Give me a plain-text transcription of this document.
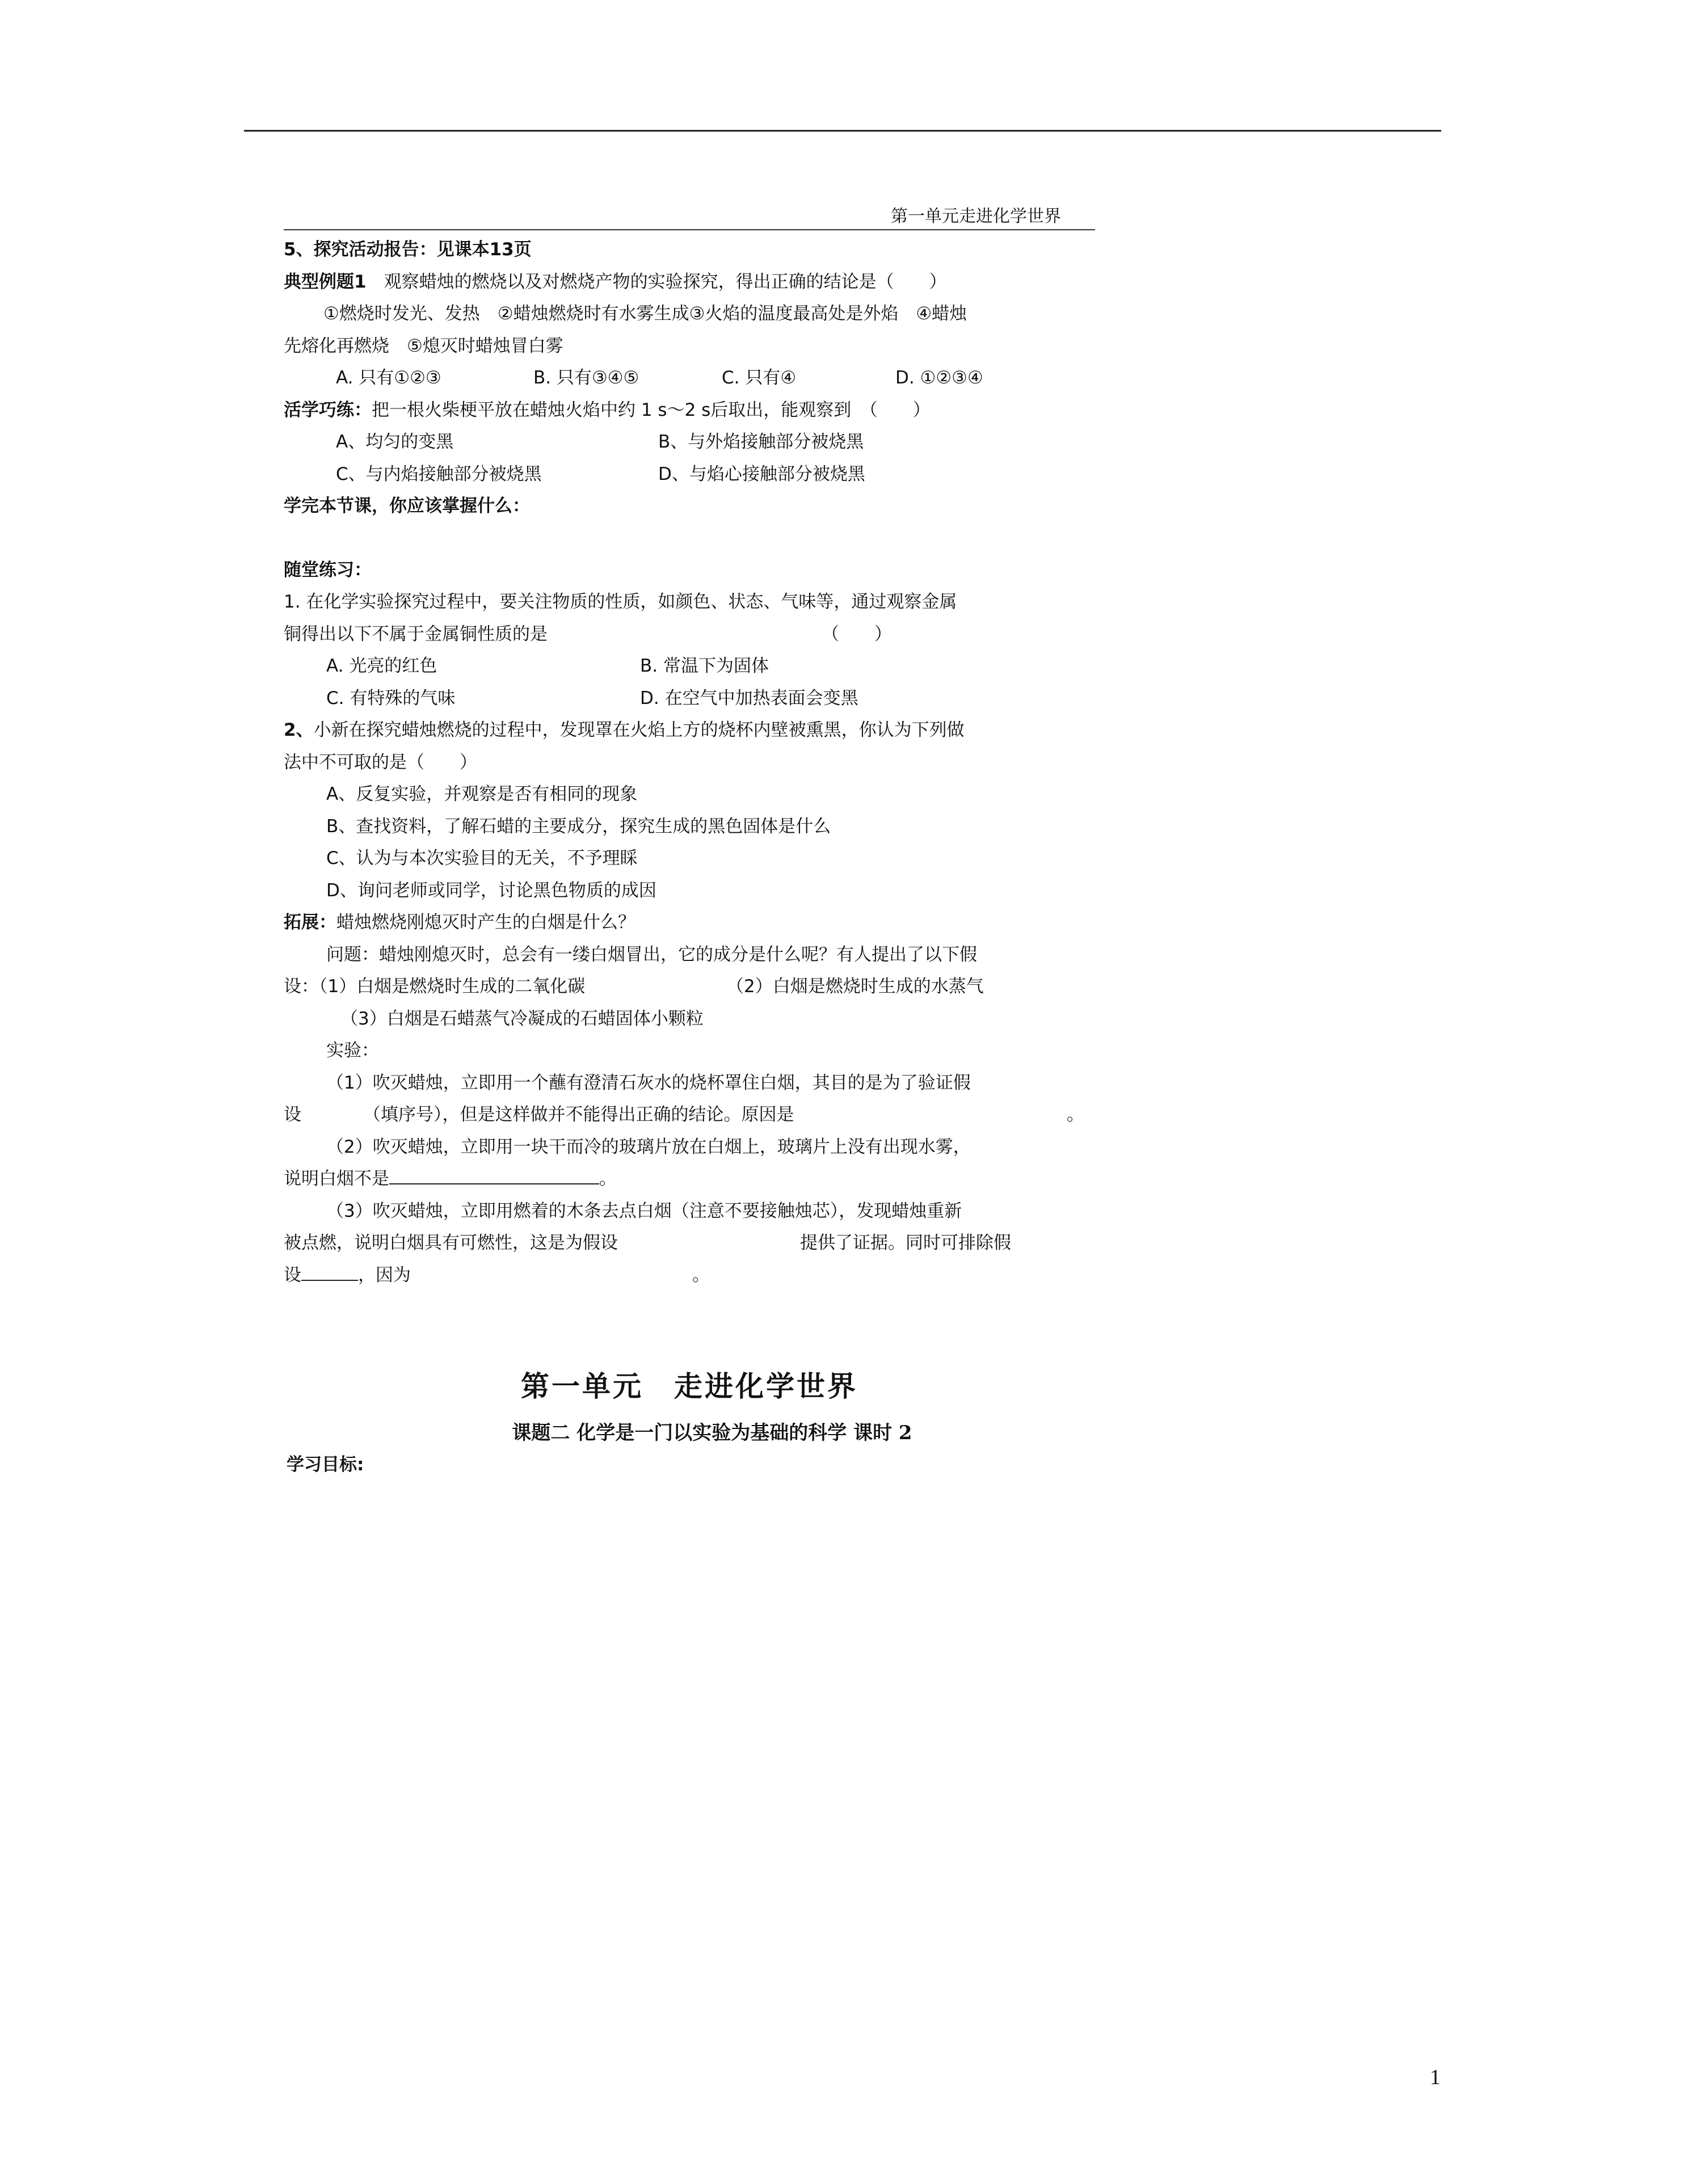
第一单元走进化学世界
5、探究活动报告：见课本13页
典型例题1　 观察蜡烛的燃烧以及对燃烧产物的实验探究，得出正确的结论是（　　）
①燃烧时发光、发热　②蜡烛燃烧时有水雾生成③火焰的温度最高处是外焰　④蜡烛
先熔化再燃烧　⑤熄灭时蜡烛冒白雾
A. 只有①②③	B. 只有③④⑤	C. 只有④	D. ①②③④
活学巧练：把一根火柴梗平放在蜡烛火焰中约 1 s～2 s后取出，能观察到　（　　）
A、均匀的变黑	B、与外焰接触部分被烧黑
C、与内焰接触部分被烧黑	D、与焰心接触部分被烧黑
学完本节课，你应该掌握什么：
随堂练习：
1. 在化学实验探究过程中，要关注物质的性质，如颜色、状态、气味等，通过观察金属
铜得出以下不属于金属铜性质的是	（　　）
A. 光亮的红色	B. 常温下为固体
C. 有特殊的气味	D. 在空气中加热表面会变黑
2、小新在探究蜡烛燃烧的过程中，发现罩在火焰上方的烧杯内壁被熏黑，你认为下列做
法中不可取的是（　　）
A、反复实验，并观察是否有相同的现象
B、查找资料，了解石蜡的主要成分，探究生成的黑色固体是什么
C、认为与本次实验目的无关，不予理睬
D、询问老师或同学，讨论黑色物质的成因
拓展：蜡烛燃烧刚熄灭时产生的白烟是什么？
问题：蜡烛刚熄灭时，总会有一缕白烟冒出，它的成分是什么呢？有人提出了以下假
设：（1）白烟是燃烧时生成的二氧化碳	（2）白烟是燃烧时生成的水蒸气
（3）白烟是石蜡蒸气冷凝成的石蜡固体小颗粒
实验：
（1）吹灭蜡烛，立即用一个蘸有澄清石灰水的烧杯罩住白烟，其目的是为了验证假
设	（填序号），但是这样做并不能得出正确的结论。原因是	。
（2）吹灭蜡烛，立即用一块干而冷的玻璃片放在白烟上，玻璃片上没有出现水雾，
说明白烟不是	。
（3）吹灭蜡烛，立即用燃着的木条去点白烟（注意不要接触烛芯），发现蜡烛重新
被点燃，说明白烟具有可燃性，这是为假设	提供了证据。同时可排除假
设	，因为	。
第一单元　走进化学世界
课题二 化学是一门以实验为基础的科学 课时 2
学习目标:
1
